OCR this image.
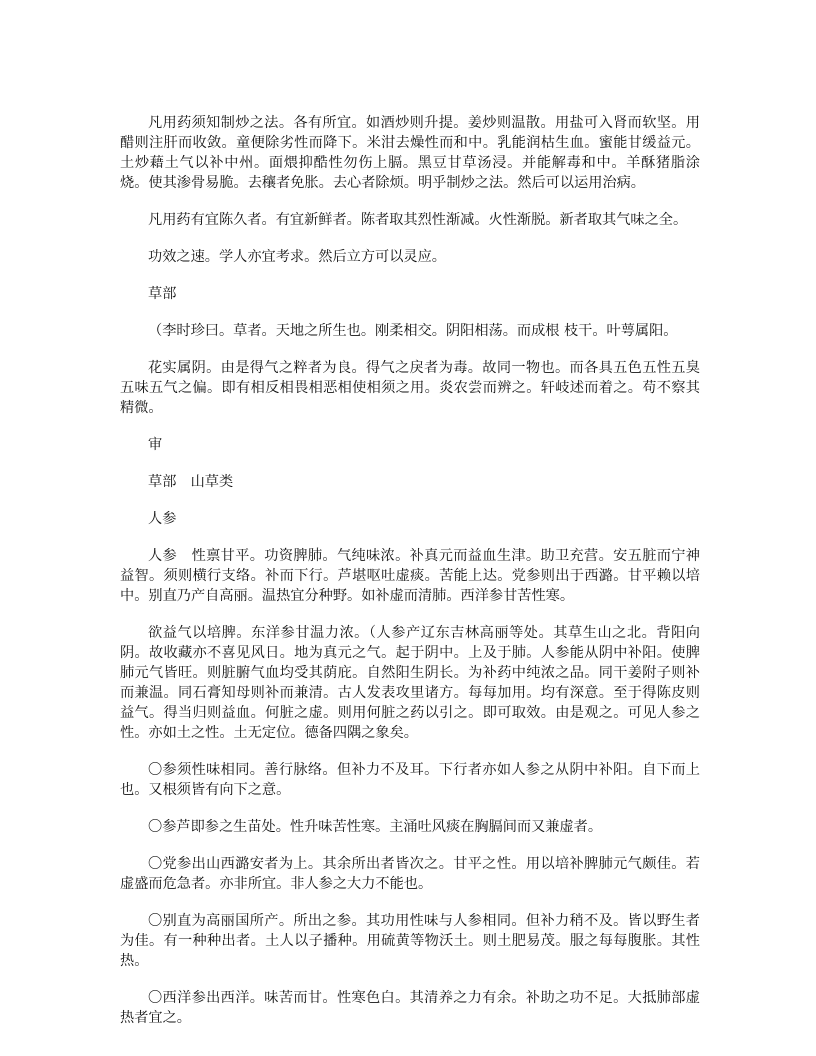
凡用药须知制炒之法。各有所宜。如酒炒则升提。姜炒则温散。用盐可入肾而软坚。用醋则注肝而收敛。童便除劣性而降下。米泔去燥性而和中。乳能润枯生血。蜜能甘缓益元。土炒藉土气以补中州。面煨抑酷性勿伤上膈。黑豆甘草汤浸。并能解毒和中。羊酥猪脂涂烧。使其渗骨易脆。去穰者免胀。去心者除烦。明乎制炒之法。然后可以运用治病。

凡用药有宜陈久者。有宜新鲜者。陈者取其烈性渐减。火性渐脱。新者取其气味之全。

功效之速。学人亦宜考求。然后立方可以灵应。

草部

（李时珍曰。草者。天地之所生也。刚柔相交。阴阳相荡。而成根 枝干。叶萼属阳。

花实属阴。由是得气之粹者为良。得气之戾者为毒。故同一物也。而各具五色五性五臭五味五气之偏。即有相反相畏相恶相使相须之用。炎农尝而辨之。轩岐述而着之。苟不察其精微。

审

草部　山草类

人参

人参　性禀甘平。功资脾肺。气纯味浓。补真元而益血生津。助卫充营。安五脏而宁神益智。须则横行支络。补而下行。芦堪呕吐虚痰。苦能上达。党参则出于西潞。甘平赖以培中。别直乃产自高丽。温热宜分种野。如补虚而清肺。西洋参甘苦性寒。

欲益气以培脾。东洋参甘温力浓。（人参产辽东吉林高丽等处。其草生山之北。背阳向阴。故收藏亦不喜见风日。地为真元之气。起于阴中。上及于肺。人参能从阴中补阳。使脾肺元气皆旺。则脏腑气血均受其荫庇。自然阳生阴长。为补药中纯浓之品。同干姜附子则补而兼温。同石膏知母则补而兼清。古人发表攻里诸方。每每加用。均有深意。至于得陈皮则益气。得当归则益血。何脏之虚。则用何脏之药以引之。即可取效。由是观之。可见人参之性。亦如土之性。土无定位。德备四隅之象矣。

〇参须性味相同。善行脉络。但补力不及耳。下行者亦如人参之从阴中补阳。自下而上也。又根须皆有向下之意。

〇参芦即参之生苗处。性升味苦性寒。主涌吐风痰在胸膈间而又兼虚者。

〇党参出山西潞安者为上。其余所出者皆次之。甘平之性。用以培补脾肺元气颇佳。若虚盛而危急者。亦非所宜。非人参之大力不能也。

〇别直为高丽国所产。所出之参。其功用性味与人参相同。但补力稍不及。皆以野生者为佳。有一种种出者。土人以子播种。用硫黄等物沃土。则土肥易茂。服之每每腹胀。其性热。

〇西洋参出西洋。味苦而甘。性寒色白。其清养之力有余。补助之功不足。大抵肺部虚热者宜之。
